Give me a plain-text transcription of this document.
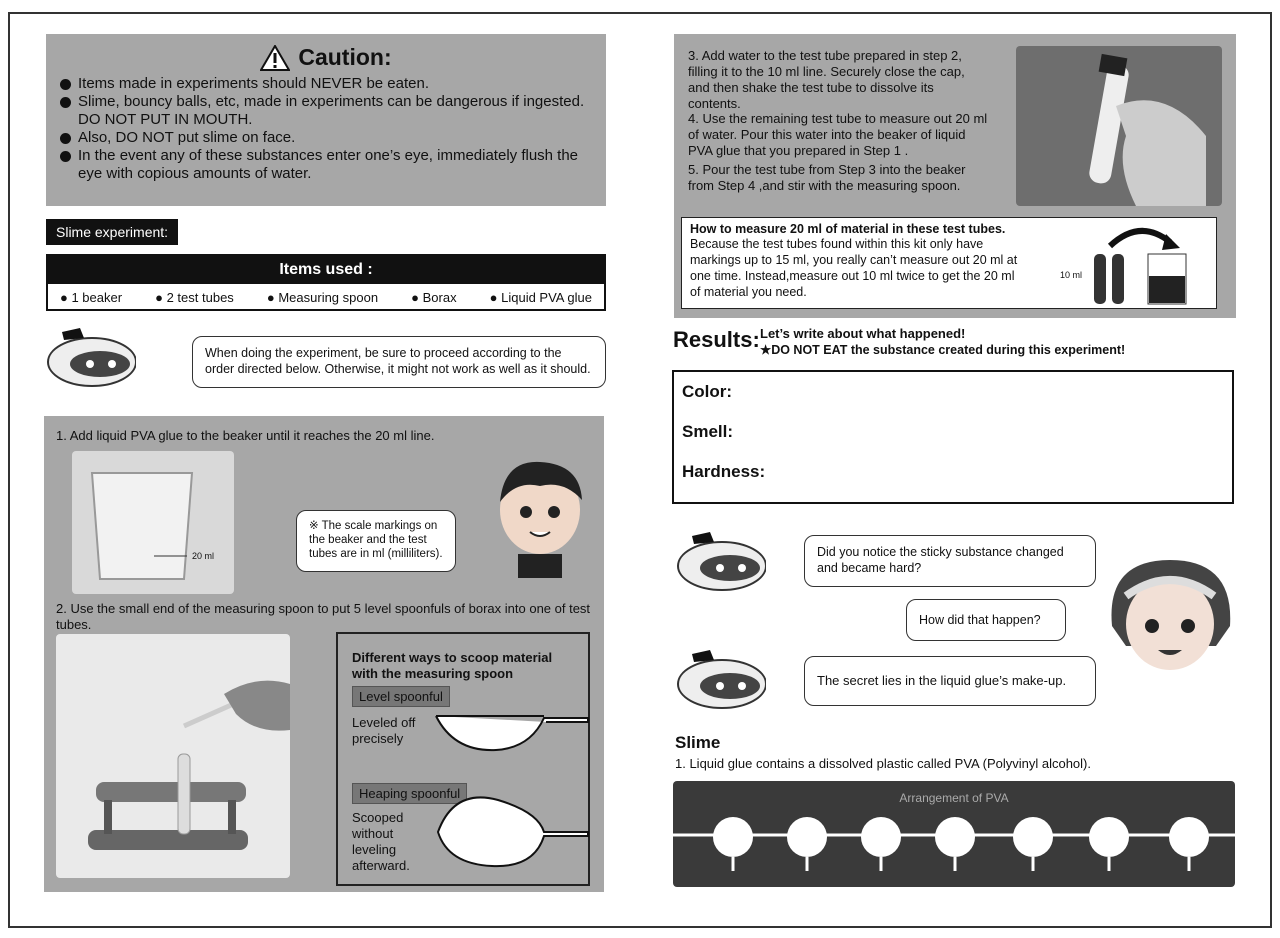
Caution:
Items made in experiments should NEVER be eaten.
Slime, bouncy balls, etc, made in experiments can be dangerous if ingested. DO NOT PUT IN MOUTH.
Also, DO NOT put slime on face.
In the event any of these substances enter one’s eye, immediately flush the eye with copious amounts of water.
Slime experiment:
Items used :
● 1 beaker	● 2 test tubes	● Measuring spoon	● Borax	● Liquid PVA glue
When doing the experiment, be sure to proceed according to the order directed below. Otherwise, it might not work as well as it should.
1. Add liquid PVA glue to the beaker until it reaches the 20 ml line.
20 ml
※ The scale markings on the beaker and the test tubes are in ml (milliliters).
2. Use the small end of the measuring spoon to put 5 level spoonfuls of borax into one of test tubes.
Different ways to scoop material with the measuring spoon
Level spoonful
Leveled off precisely
Heaping spoonful
Scooped without leveling afterward.
3. Add water to the test tube prepared in step 2, filling it to the 10 ml line. Securely close the cap, and then shake the test tube to dissolve its contents.
4. Use the remaining test tube to measure out 20 ml of water. Pour this water into the beaker of liquid PVA glue that you prepared in Step 1 .
5. Pour the test tube from Step 3 into the beaker from Step 4 ,and stir with the measuring spoon.
How to measure 20 ml of material in these test tubes.
Because the test tubes found within this kit only have markings up to 15 ml, you really can’t measure out 20 ml at one time. Instead,measure out 10 ml twice to get the 20 ml of material you need.
10 ml
Results: Let’s write about what happened!
★DO NOT EAT the substance created during this experiment!
Color:
Smell:
Hardness:
Did you notice the sticky substance changed and became hard?
How did that happen?
The secret lies in the liquid glue’s make-up.
Slime
1. Liquid glue contains a dissolved plastic called PVA (Polyvinyl alcohol).
Arrangement of PVA
